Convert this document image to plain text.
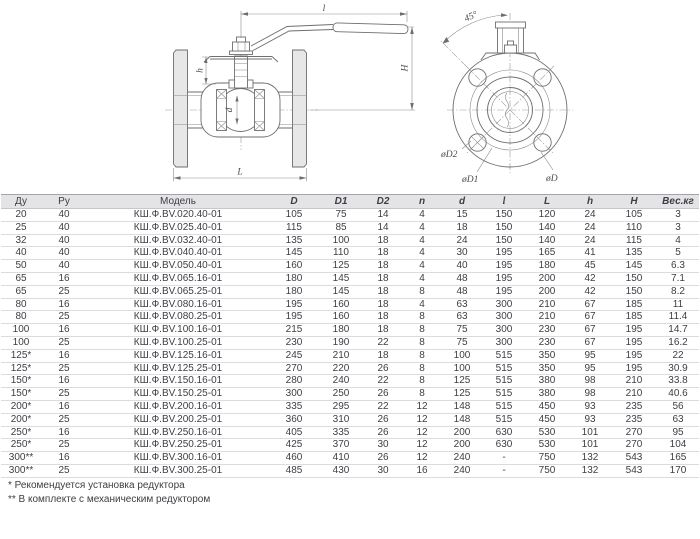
l
H
h
d
L
45°
øD2
øD1	øD
Ду	Ру	Модель	D	D1	D2	n	d	l	L	h	H	Вес.кг
20	40	КШ.Ф.BV.020.40-01	105	75	14	4	15	150	120	24	105	3
25	40	КШ.Ф.BV.025.40-01	115	85	14	4	18	150	140	24	110	3
32	40	КШ.Ф.BV.032.40-01	135	100	18	4	24	150	140	24	115	4
40	40	КШ.Ф.BV.040.40-01	145	110	18	4	30	195	165	41	135	5
50	40	КШ.Ф.BV.050.40-01	160	125	18	4	40	195	180	45	145	6.3
65	16	КШ.Ф.BV.065.16-01	180	145	18	4	48	195	200	42	150	7.1
65	25	КШ.Ф.BV.065.25-01	180	145	18	8	48	195	200	42	150	8.2
80	16	КШ.Ф.BV.080.16-01	195	160	18	4	63	300	210	67	185	11
80	25	КШ.Ф.BV.080.25-01	195	160	18	8	63	300	210	67	185	11.4
100	16	КШ.Ф.BV.100.16-01	215	180	18	8	75	300	230	67	195	14.7
100	25	КШ.Ф.BV.100.25-01	230	190	22	8	75	300	230	67	195	16.2
125*	16	КШ.Ф.BV.125.16-01	245	210	18	8	100	515	350	95	195	22
125*	25	КШ.Ф.BV.125.25-01	270	220	26	8	100	515	350	95	195	30.9
150*	16	КШ.Ф.BV.150.16-01	280	240	22	8	125	515	380	98	210	33.8
150*	25	КШ.Ф.BV.150.25-01	300	250	26	8	125	515	380	98	210	40.6
200*	16	КШ.Ф.BV.200.16-01	335	295	22	12	148	515	450	93	235	56
200*	25	КШ.Ф.BV.200.25-01	360	310	26	12	148	515	450	93	235	63
250*	16	КШ.Ф.BV.250.16-01	405	335	26	12	200	630	530	101	270	95
250*	25	КШ.Ф.BV.250.25-01	425	370	30	12	200	630	530	101	270	104
300**	16	КШ.Ф.BV.300.16-01	460	410	26	12	240	-	750	132	543	165
300**	25	КШ.Ф.BV.300.25-01	485	430	30	16	240	-	750	132	543	170
* Рекомендуется установка редуктора
** В комплекте с механическим редуктором
